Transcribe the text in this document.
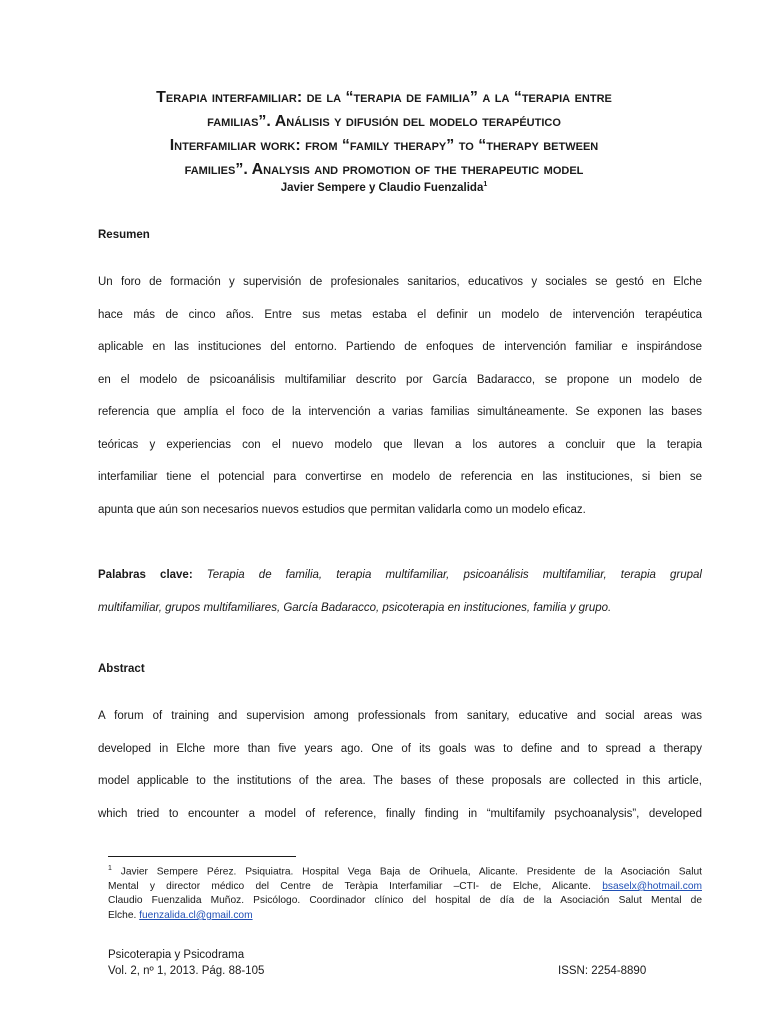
Terapia interfamiliar: de la “terapia de familia” a la “terapia entre
familias”. Análisis y difusión del modelo terapéutico
Interfamiliar work: from “family therapy” to “therapy between
families”. Analysis and promotion of the therapeutic model
Javier Sempere y Claudio Fuenzalida$^1$
Resumen
Un foro de formación y supervisión de profesionales sanitarios, educativos y sociales se gestó en Elche
hace más de cinco años. Entre sus metas estaba el definir un modelo de intervención terapéutica
aplicable en las instituciones del entorno. Partiendo de enfoques de intervención familiar e inspirándose
en el modelo de psicoanálisis multifamiliar descrito por García Badaracco, se propone un modelo de
referencia que amplía el foco de la intervención a varias familias simultáneamente. Se exponen las bases
teóricas y experiencias con el nuevo modelo que llevan a los autores a concluir que la terapia
interfamiliar tiene el potencial para convertirse en modelo de referencia en las instituciones, si bien se
apunta que aún son necesarios nuevos estudios que permitan validarla como un modelo eficaz.
Palabras clave: Terapia de familia, terapia multifamiliar, psicoanálisis multifamiliar, terapia grupal
multifamiliar, grupos multifamiliares, García Badaracco, psicoterapia en instituciones, familia y grupo.
Abstract
A forum of training and supervision among professionals from sanitary, educative and social areas was
developed in Elche more than five years ago. One of its goals was to define and to spread a therapy
model applicable to the institutions of the area. The bases of these proposals are collected in this article,
which tried to encounter a model of reference, finally finding in “multifamily psychoanalysis”, developed
$^1$ Javier Sempere Pérez. Psiquiatra. Hospital Vega Baja de Orihuela, Alicante. Presidente de la Asociación Salut
Mental y director médico del Centre de Teràpia Interfamiliar –CTI- de Elche, Alicante. bsaselx@hotmail.com
Claudio Fuenzalida Muñoz. Psicólogo. Coordinador clínico del hospital de día de la Asociación Salut Mental de
Elche. fuenzalida.cl@gmail.com
Psicoterapia y Psicodrama
Vol. 2, nº 1, 2013. Pág. 88-105	ISSN: 2254-8890
